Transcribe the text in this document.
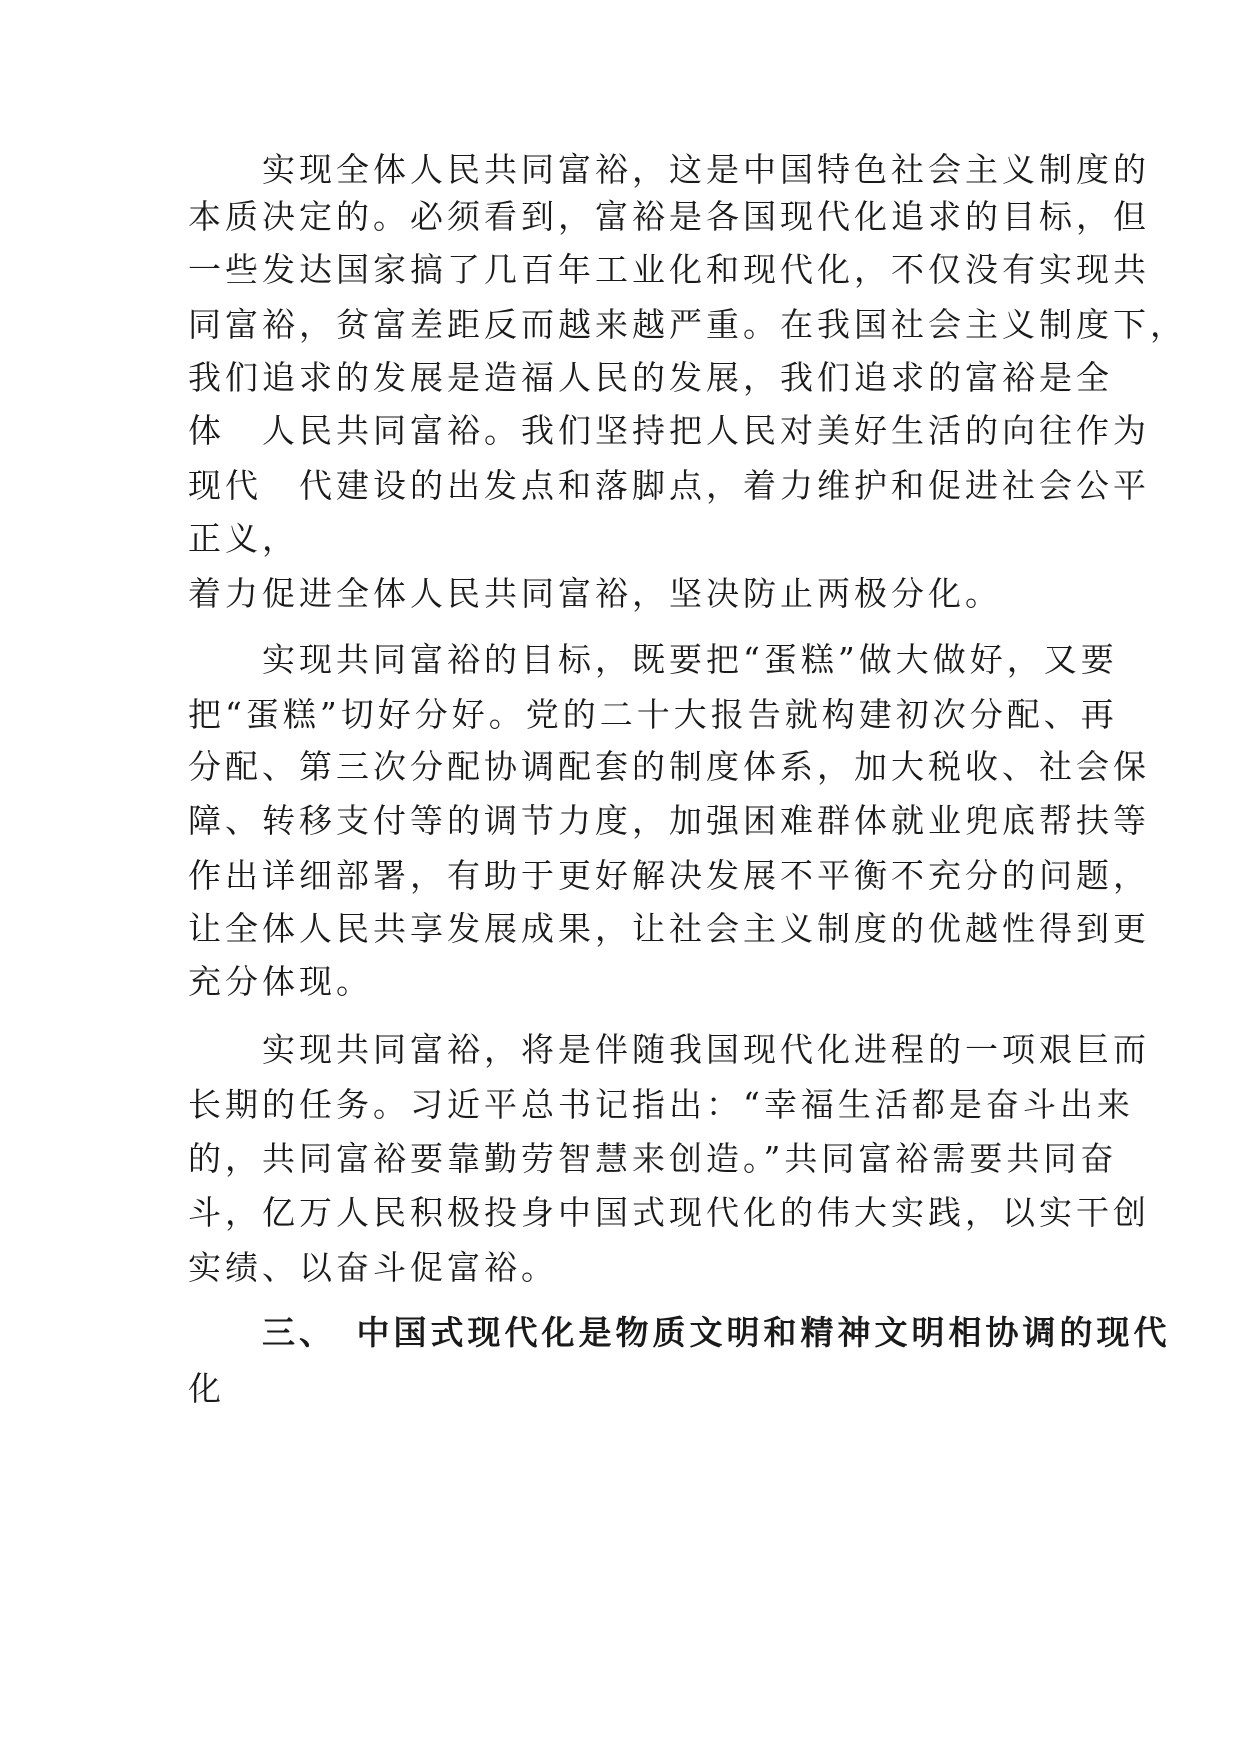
　　实现全体人民共同富裕，这是中国特色社会主义制度的
本质决定的。必须看到，富裕是各国现代化追求的目标，但
一些发达国家搞了几百年工业化和现代化，不仅没有实现共
同富裕，贫富差距反而越来越严重。在我国社会主义制度下，
我们追求的发展是造福人民的发展，我们追求的富裕是全
体　人民共同富裕。我们坚持把人民对美好生活的向往作为
现代　代建设的出发点和落脚点，着力维护和促进社会公平
正义，
着力促进全体人民共同富裕，坚决防止两极分化。
　　实现共同富裕的目标，既要把“蛋糕”做大做好，又要
把“蛋糕”切好分好。党的二十大报告就构建初次分配、再
分配、第三次分配协调配套的制度体系，加大税收、社会保
障、转移支付等的调节力度，加强困难群体就业兜底帮扶等
作出详细部署，有助于更好解决发展不平衡不充分的问题，
让全体人民共享发展成果，让社会主义制度的优越性得到更
充分体现。
　　实现共同富裕，将是伴随我国现代化进程的一项艰巨而
长期的任务。习近平总书记指出：“幸福生活都是奋斗出来
的，共同富裕要靠勤劳智慧来创造。”共同富裕需要共同奋
斗，亿万人民积极投身中国式现代化的伟大实践，以实干创
实绩、以奋斗促富裕。
　　三、　中国式现代化是物质文明和精神文明相协调的现代
化
